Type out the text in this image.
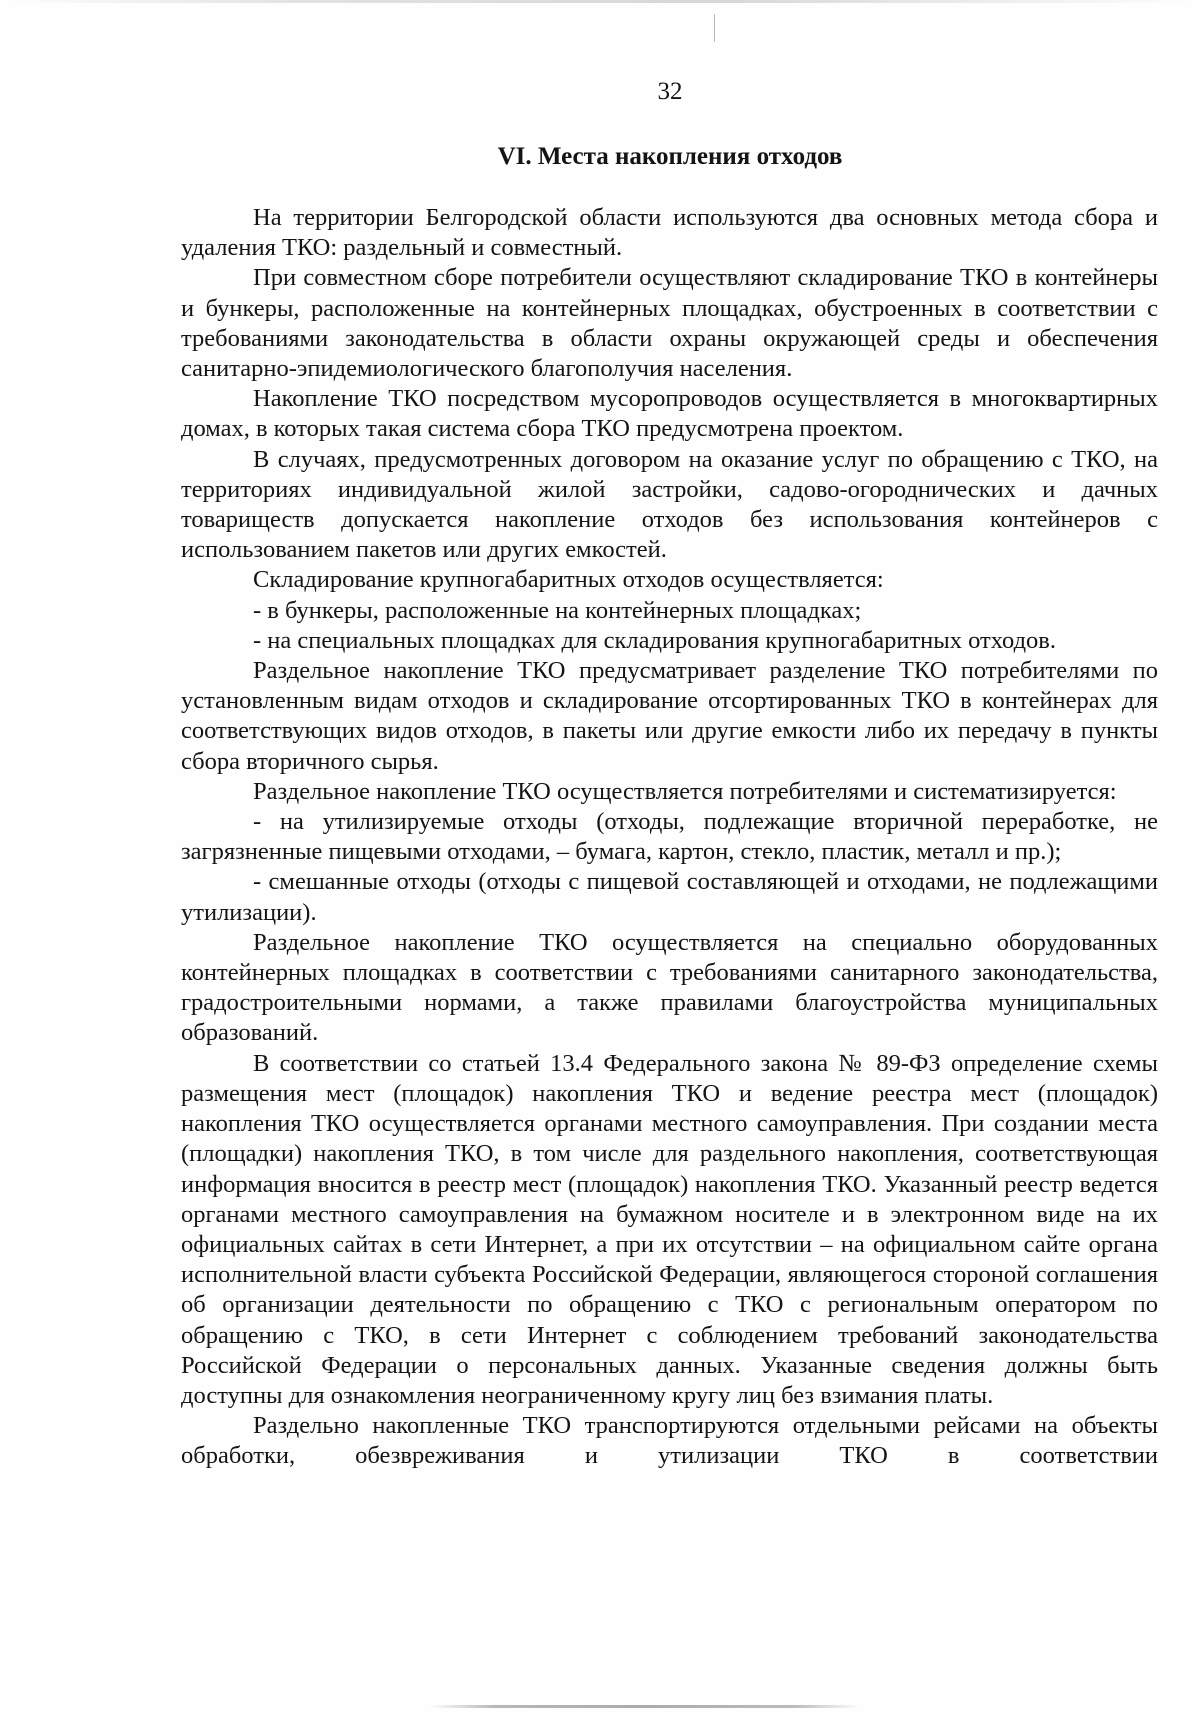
32
VI. Места накопления отходов

На территории Белгородской области используются два основных метода сбора и удаления ТКО: раздельный и совместный.

При совместном сборе потребители осуществляют складирование ТКО в контейнеры и бункеры, расположенные на контейнерных площадках, обустроенных в соответствии с требованиями законодательства в области охраны окружающей среды и обеспечения санитарно-эпидемиологического благополучия населения.

Накопление ТКО посредством мусоропроводов осуществляется в многоквартирных домах, в которых такая система сбора ТКО предусмотрена проектом.

В случаях, предусмотренных договором на оказание услуг по обращению с ТКО, на территориях индивидуальной жилой застройки, садово-огороднических и дачных товариществ допускается накопление отходов без использования контейнеров с использованием пакетов или других емкостей.

Складирование крупногабаритных отходов осуществляется:

- в бункеры, расположенные на контейнерных площадках;

- на специальных площадках для складирования крупногабаритных отходов.

Раздельное накопление ТКО предусматривает разделение ТКО потребителями по установленным видам отходов и складирование отсортированных ТКО в контейнерах для соответствующих видов отходов, в пакеты или другие емкости либо их передачу в пункты сбора вторичного сырья.

Раздельное накопление ТКО осуществляется потребителями и систематизируется:

- на утилизируемые отходы (отходы, подлежащие вторичной переработке, не загрязненные пищевыми отходами, – бумага, картон, стекло, пластик, металл и пр.);

- смешанные отходы (отходы с пищевой составляющей и отходами, не подлежащими утилизации).

Раздельное накопление ТКО осуществляется на специально оборудованных контейнерных площадках в соответствии с требованиями санитарного законодательства, градостроительными нормами, а также правилами благоустройства муниципальных образований.

В соответствии со статьей 13.4 Федерального закона № 89-ФЗ определение схемы размещения мест (площадок) накопления ТКО и ведение реестра мест (площадок) накопления ТКО осуществляется органами местного самоуправления. При создании места (площадки) накопления ТКО, в том числе для раздельного накопления, соответствующая информация вносится в реестр мест (площадок) накопления ТКО. Указанный реестр ведется органами местного самоуправления на бумажном носителе и в электронном виде на их официальных сайтах в сети Интернет, а при их отсутствии – на официальном сайте органа исполнительной власти субъекта Российской Федерации, являющегося стороной соглашения об организации деятельности по обращению с ТКО с региональным оператором по обращению с ТКО, в сети Интернет с соблюдением требований законодательства Российской Федерации о персональных данных. Указанные сведения должны быть доступны для ознакомления неограниченному кругу лиц без взимания платы.

Раздельно накопленные ТКО транспортируются отдельными рейсами на объекты обработки, обезвреживания и утилизации ТКО в соответствии
